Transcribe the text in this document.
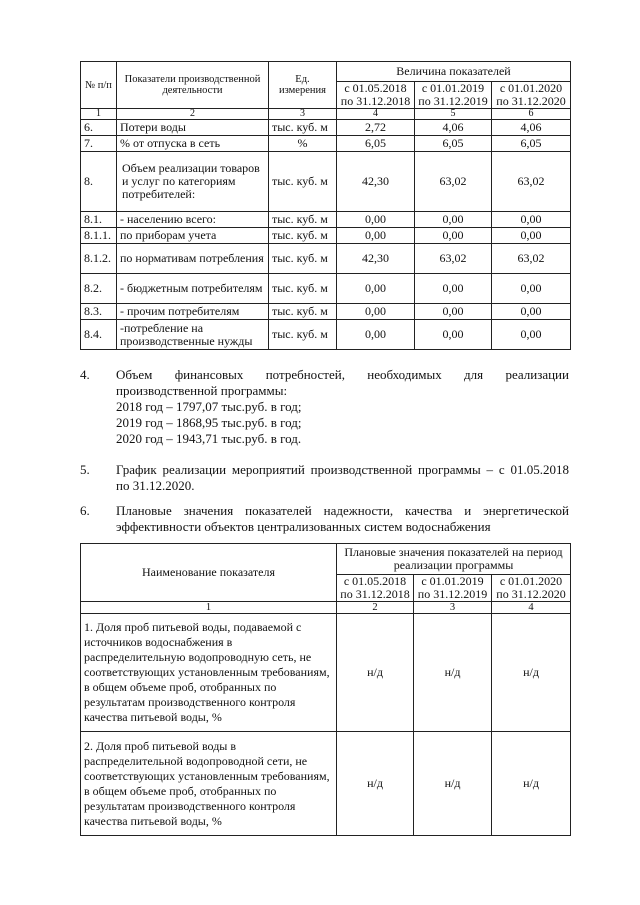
№ п/п	Показатели производственной деятельности	Ед. измерения	Величина показателей		
			с 01.05.2018 по 31.12.2018	с 01.01.2019 по 31.12.2019	с 01.01.2020 по 31.12.2020
1	2	3	4	5	6
6.	Потери воды	тыс. куб. м	2,72	4,06	4,06
7.	% от отпуска в сеть	%	6,05	6,05	6,05
8.	Объем реализации товаров и услуг по категориям потребителей:	тыс. куб. м	42,30	63,02	63,02
8.1.	- населению всего:	тыс. куб. м	0,00	0,00	0,00
8.1.1.	по приборам учета	тыс. куб. м	0,00	0,00	0,00
8.1.2.	по нормативам потребления	тыс. куб. м	42,30	63,02	63,02
8.2.	- бюджетным потребителям	тыс. куб. м	0,00	0,00	0,00
8.3.	- прочим потребителям	тыс. куб. м	0,00	0,00	0,00
8.4.	-потребление на производственные нужды	тыс. куб. м	0,00	0,00	0,00
4. Объем финансовых потребностей, необходимых для реализации
производственной программы:
2018 год – 1797,07 тыс.руб. в год;
2019 год – 1868,95 тыс.руб. в год;
2020 год – 1943,71 тыс.руб. в год.
5. График реализации мероприятий производственной программы – с 01.05.2018
по 31.12.2020.
6. Плановые значения показателей надежности, качества и энергетической
эффективности объектов централизованных систем водоснабжения
Наименование показателя	Плановые значения показателей на период реализации программы		
	с 01.05.2018 по 31.12.2018	с 01.01.2019 по 31.12.2019	с 01.01.2020 по 31.12.2020
1	2	3	4
1. Доля проб питьевой воды, подаваемой с источников водоснабжения в распределительную водопроводную сеть, не соответствующих установленным требованиям, в общем объеме проб, отобранных по результатам производственного контроля качества питьевой воды, %	н/д	н/д	н/д
2. Доля проб питьевой воды в распределительной водопроводной сети, не соответствующих установленным требованиям, в общем объеме проб, отобранных по результатам производственного контроля качества питьевой воды, %	н/д	н/д	н/д
